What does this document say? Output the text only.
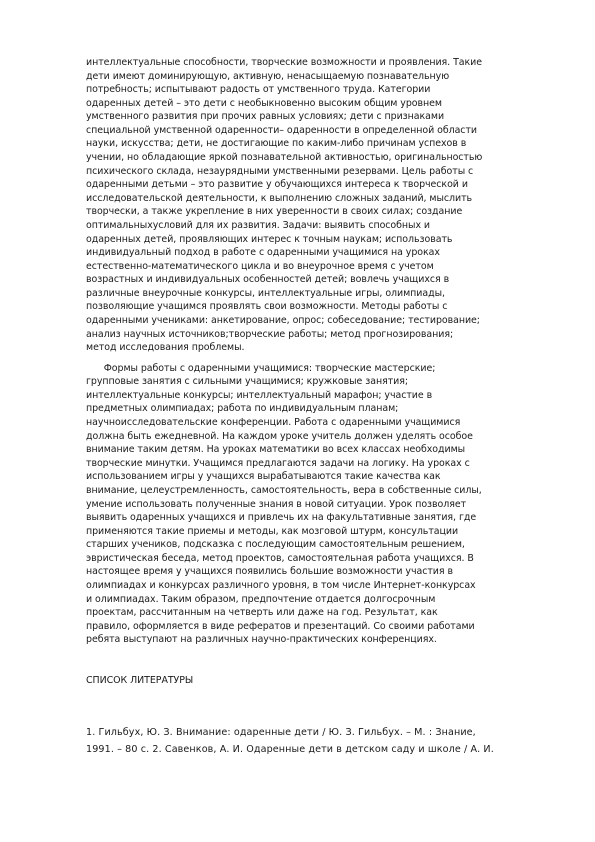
интеллектуальные способности, творческие возможности и проявления. Такие
дети имеют доминирующую, активную, ненасыщаемую познавательную
потребность; испытывают радость от умственного труда. Категории
одаренных детей – это дети с необыкновенно высоким общим уровнем
умственного развития при прочих равных условиях; дети с признаками
специальной умственной одаренности– одаренности в определенной области
науки, искусства; дети, не достигающие по каким-либо причинам успехов в
учении, но обладающие яркой познавательной активностью, оригинальностью
психического склада, незаурядными умственными резервами. Цель работы с
одаренными детьми – это развитие у обучающихся интереса к творческой и
исследовательской деятельности, к выполнению сложных заданий, мыслить
творчески, а также укрепление в них уверенности в своих силах; создание
оптимальныхусловий для их развития. Задачи: выявить способных и
одаренных детей, проявляющих интерес к точным наукам; использовать
индивидуальный подход в работе с одаренными учащимися на уроках
естественно-математического цикла и во внеурочное время с учетом
возрастных и индивидуальных особенностей детей; вовлечь учащихся в
различные внеурочные конкурсы, интеллектуальные игры, олимпиады,
позволяющие учащимся проявлять свои возможности. Методы работы с
одаренными учениками: анкетирование, опрос; собеседование; тестирование;
анализ научных источников;творческие работы; метод прогнозирования;
метод исследования проблемы.
Формы работы с одаренными учащимися: творческие мастерские;
групповые занятия с сильными учащимися; кружковые занятия;
интеллектуальные конкурсы; интеллектуальный марафон; участие в
предметных олимпиадах; работа по индивидуальным планам;
научноисследовательские конференции. Работа с одаренными учащимися
должна быть ежедневной. На каждом уроке учитель должен уделять особое
внимание таким детям. На уроках математики во всех классах необходимы
творческие минутки. Учащимся предлагаются задачи на логику. На уроках с
использованием игры у учащихся вырабатываются такие качества как
внимание, целеустремленность, самостоятельность, вера в собственные силы,
умение использовать полученные знания в новой ситуации. Урок позволяет
выявить одаренных учащихся и привлечь их на факультативные занятия, где
применяются такие приемы и методы, как мозговой штурм, консультации
старших учеников, подсказка с последующим самостоятельным решением,
эвристическая беседа, метод проектов, самостоятельная работа учащихся. В
настоящее время у учащихся появились большие возможности участия в
олимпиадах и конкурсах различного уровня, в том числе Интернет-конкурсах
и олимпиадах. Таким образом, предпочтение отдается долгосрочным
проектам, рассчитанным на четверть или даже на год. Результат, как
правило, оформляется в виде рефератов и презентаций. Со своими работами
ребята выступают на различных научно-практических конференциях.
СПИСОК ЛИТЕРАТУРЫ
1. Гильбух, Ю. З. Внимание: одаренные дети / Ю. З. Гильбух. – М. : Знание,
1991. – 80 с. 2. Савенков, А. И. Одаренные дети в детском саду и школе / А. И.
